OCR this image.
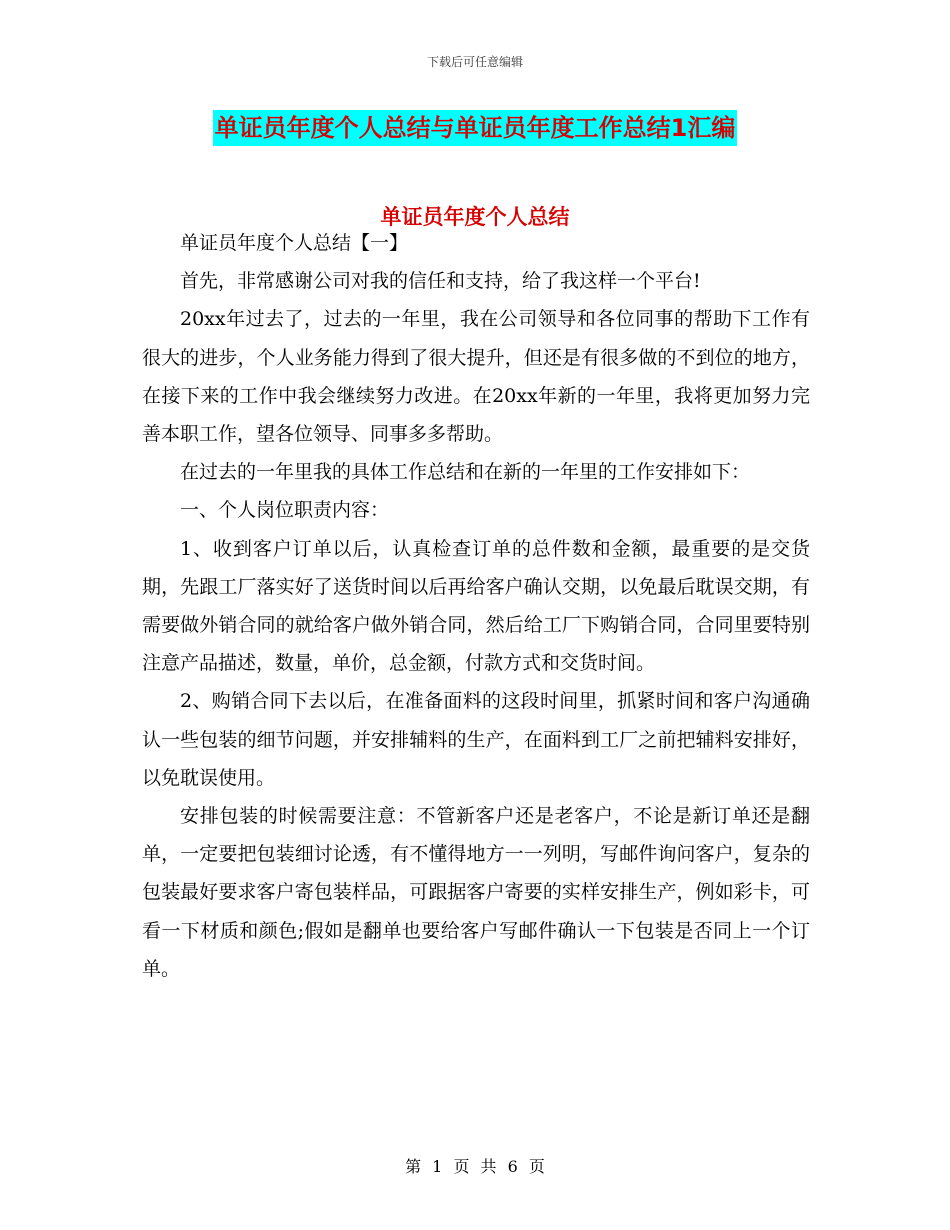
下载后可任意编辑
单证员年度个人总结与单证员年度工作总结1汇编
单证员年度个人总结

单证员年度个人总结【一】

首先，非常感谢公司对我的信任和支持，给了我这样一个平台!

20xx年过去了，过去的一年里，我在公司领导和各位同事的帮助下工作有很大的进步，个人业务能力得到了很大提升，但还是有很多做的不到位的地方，在接下来的工作中我会继续努力改进。在20xx年新的一年里，我将更加努力完善本职工作，望各位领导、同事多多帮助。

在过去的一年里我的具体工作总结和在新的一年里的工作安排如下：

一、个人岗位职责内容：

1、收到客户订单以后，认真检查订单的总件数和金额，最重要的是交货期，先跟工厂落实好了送货时间以后再给客户确认交期，以免最后耽误交期，有需要做外销合同的就给客户做外销合同，然后给工厂下购销合同，合同里要特别注意产品描述，数量，单价，总金额，付款方式和交货时间。

2、购销合同下去以后，在准备面料的这段时间里，抓紧时间和客户沟通确认一些包装的细节问题，并安排辅料的生产，在面料到工厂之前把辅料安排好，以免耽误使用。

安排包装的时候需要注意：不管新客户还是老客户，不论是新订单还是翻单，一定要把包装细讨论透，有不懂得地方一一列明，写邮件询问客户，复杂的包装最好要求客户寄包装样品，可跟据客户寄要的实样安排生产，例如彩卡，可看一下材质和颜色;假如是翻单也要给客户写邮件确认一下包装是否同上一个订单。

第 1 页 共 6 页
